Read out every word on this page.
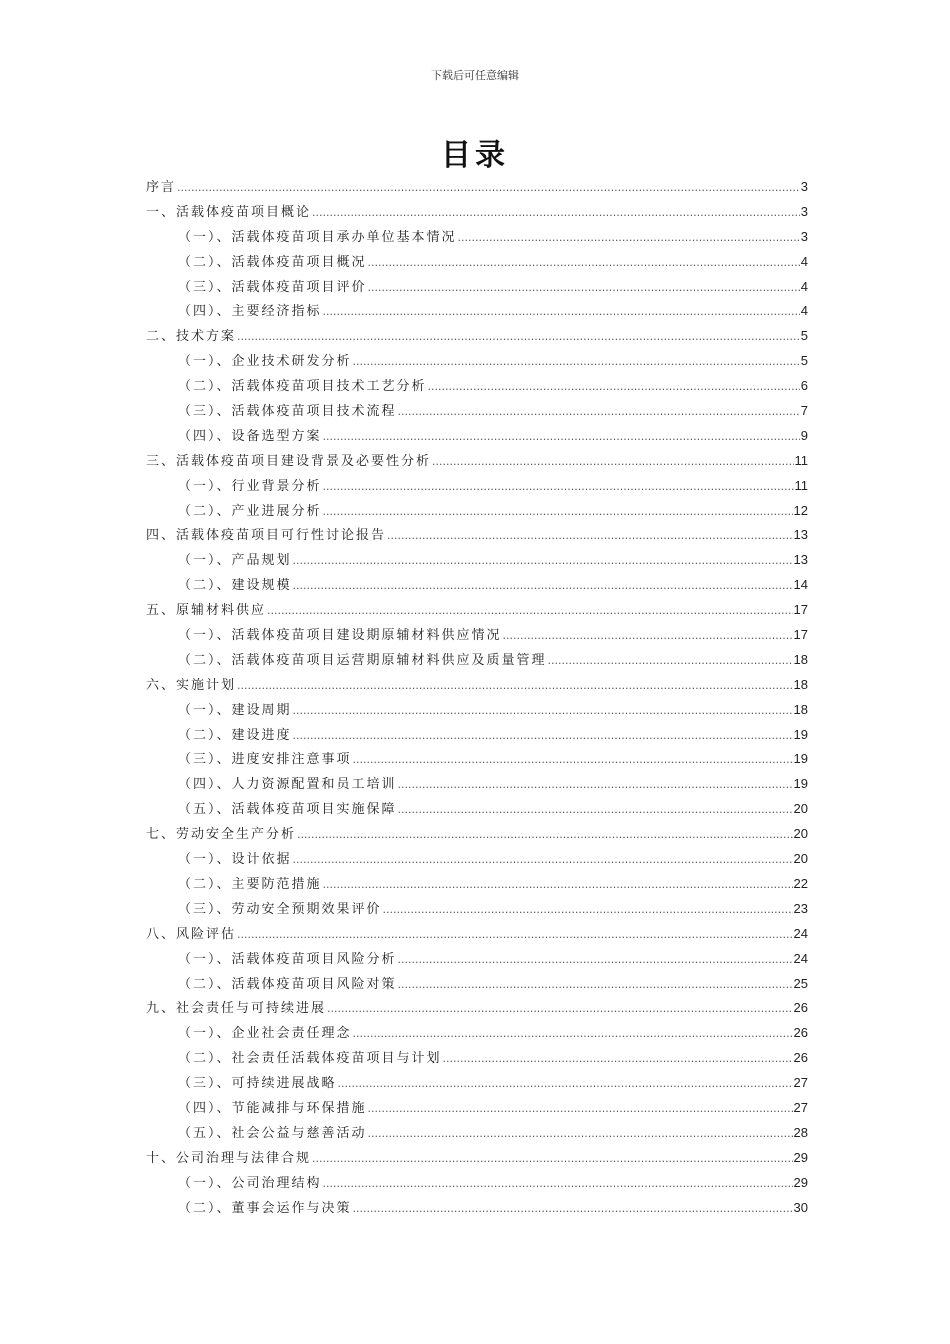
下载后可任意编辑
目录
序言 .....	3
一、活载体疫苗项目概论 .....	3
（一）、活载体疫苗项目承办单位基本情况 .....	3
（二）、活载体疫苗项目概况 .....	4
（三）、活载体疫苗项目评价 .....	4
（四）、主要经济指标 .....	4
二、技术方案 .....	5
（一）、企业技术研发分析 .....	5
（二）、活载体疫苗项目技术工艺分析 .....	6
（三）、活载体疫苗项目技术流程 .....	7
（四）、设备选型方案 .....	9
三、活载体疫苗项目建设背景及必要性分析 .....	11
（一）、行业背景分析 .....	11
（二）、产业进展分析 .....	12
四、活载体疫苗项目可行性讨论报告 .....	13
（一）、产品规划 .....	13
（二）、建设规模 .....	14
五、原辅材料供应 .....	17
（一）、活载体疫苗项目建设期原辅材料供应情况 .....	17
（二）、活载体疫苗项目运营期原辅材料供应及质量管理 .....	18
六、实施计划 .....	18
（一）、建设周期 .....	18
（二）、建设进度 .....	19
（三）、进度安排注意事项 .....	19
（四）、人力资源配置和员工培训 .....	19
（五）、活载体疫苗项目实施保障 .....	20
七、劳动安全生产分析 .....	20
（一）、设计依据 .....	20
（二）、主要防范措施 .....	22
（三）、劳动安全预期效果评价 .....	23
八、风险评估 .....	24
（一）、活载体疫苗项目风险分析 .....	24
（二）、活载体疫苗项目风险对策 .....	25
九、社会责任与可持续进展 .....	26
（一）、企业社会责任理念 .....	26
（二）、社会责任活载体疫苗项目与计划 .....	26
（三）、可持续进展战略 .....	27
（四）、节能减排与环保措施 .....	27
（五）、社会公益与慈善活动 .....	28
十、公司治理与法律合规 .....	29
（一）、公司治理结构 .....	29
（二）、董事会运作与决策 .....	30
